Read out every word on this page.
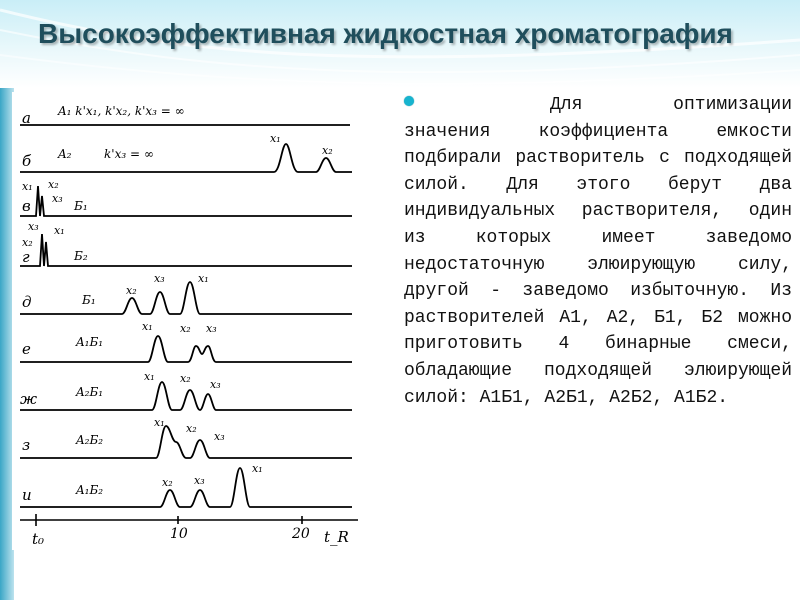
Высокоэффективная жидкостная хроматография
а
б
в
г
д
е
ж
з
и
A₁ k'x₁, k'x₂, k'x₃ = ∞
A₂	k'x₃ = ∞
Б₁
Б₂
Б₁
A₁Б₁
A₂Б₁
A₂Б₂
A₁Б₂
x₁
x₂
x₁ x₂
x₃
x₃
x₂
x₁
x₂
x₃	x₁
x₁ x₂ x₃
x₁ x₂ x₃
x₁ x₂
x₃
x₂ x₃
x₁
t₀	10	20 t_R

Для оптимизации значения коэффициента емкости подбирали растворитель с подходящей силой. Для этого берут два индивидуальных растворителя, один из которых имеет заведомо недостаточную элюирующую силу, другой - заведомо избыточную. Из растворителей А1, А2, Б1, Б2 можно приготовить 4 бинарные смеси, обладающие подходящей элюирующей силой: А1Б1, А2Б1, А2Б2, А1Б2.
